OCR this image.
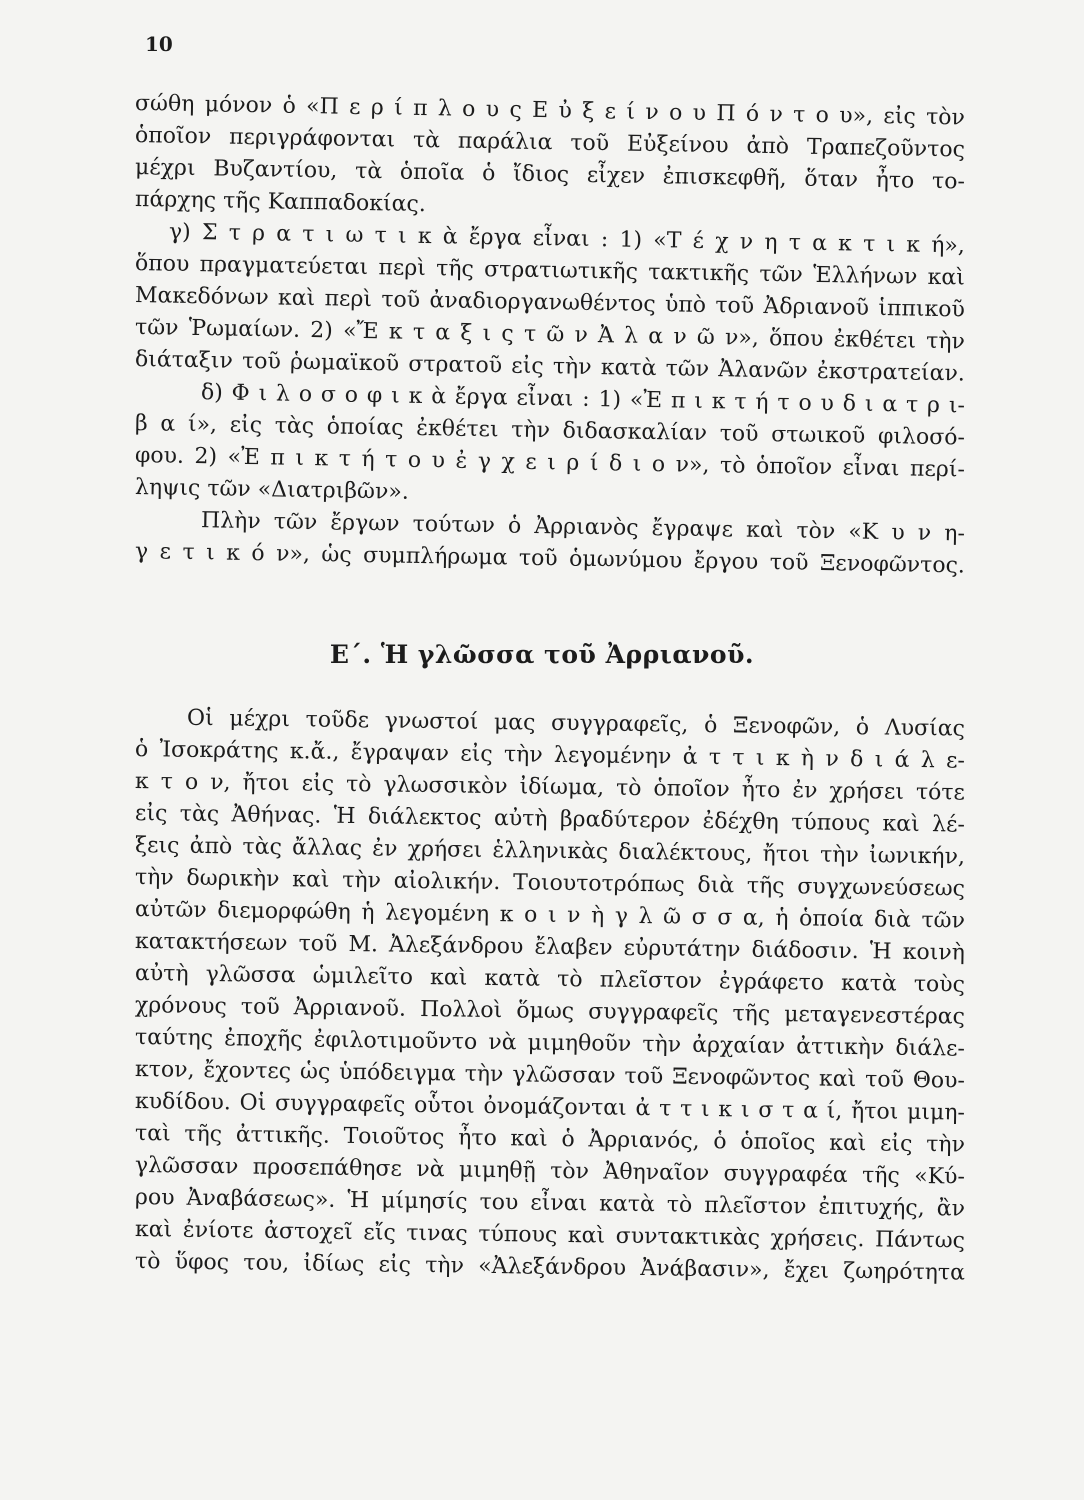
10
σώθη μόνον ὁ «Π ε ρ ί π λ ο υ ς Ε ὐ ξ ε ί ν ο υ Π ό ν τ ο υ», εἰς τὸν
ὁποῖον περιγράφονται τὰ παράλια τοῦ Εὐξείνου ἀπὸ Τραπεζοῦντος
μέχρι Βυζαντίου, τὰ ὁποῖα ὁ ἴδιος εἶχεν ἐπισκεφθῆ, ὅταν ἦτο το-
πάρχης τῆς Καππαδοκίας.
γ) Σ τ ρ α τ ι ω τ ι κ ὰ ἔργα εἶναι : 1) «Τ έ χ ν η τ α κ τ ι κ ή»,
ὅπου πραγματεύεται περὶ τῆς στρατιωτικῆς τακτικῆς τῶν Ἑλλήνων καὶ
Μακεδόνων καὶ περὶ τοῦ ἀναδιοργανωθέντος ὑπὸ τοῦ Ἀδριανοῦ ἱππικοῦ
τῶν Ῥωμαίων. 2) «Ἔ κ τ α ξ ι ς τ ῶ ν Ἀ λ α ν ῶ ν», ὅπου ἐκθέτει τὴν
διάταξιν τοῦ ῥωμαϊκοῦ στρατοῦ εἰς τὴν κατὰ τῶν Ἀλανῶν ἐκστρατείαν.
δ) Φ ι λ ο σ ο φ ι κ ὰ ἔργα εἶναι : 1) «Ἐ π ι κ τ ή τ ο υ δ ι α τ ρ ι-
β α ί», εἰς τὰς ὁποίας ἐκθέτει τὴν διδασκαλίαν τοῦ στωικοῦ φιλοσό-
φου. 2) «Ἐ π ι κ τ ή τ ο υ ἐ γ χ ε ι ρ ί δ ι ο ν», τὸ ὁποῖον εἶναι περί-
ληψις τῶν «Διατριβῶν».
Πλὴν τῶν ἔργων τούτων ὁ Ἀρριανὸς ἔγραψε καὶ τὸν «Κ υ ν η-
γ ε τ ι κ ό ν», ὡς συμπλήρωμα τοῦ ὁμωνύμου ἔργου τοῦ Ξενοφῶντος.
Ε΄. Ἡ γλῶσσα τοῦ Ἀρριανοῦ.
Οἱ μέχρι τοῦδε γνωστοί μας συγγραφεῖς, ὁ Ξενοφῶν, ὁ Λυσίας
ὁ Ἰσοκράτης κ.ἄ., ἔγραψαν εἰς τὴν λεγομένην ἀ τ τ ι κ ὴ ν δ ι ά λ ε-
κ τ ο ν, ἤτοι εἰς τὸ γλωσσικὸν ἰδίωμα, τὸ ὁποῖον ἦτο ἐν χρήσει τότε
εἰς τὰς Ἀθήνας. Ἡ διάλεκτος αὐτὴ βραδύτερον ἐδέχθη τύπους καὶ λέ-
ξεις ἀπὸ τὰς ἄλλας ἐν χρήσει ἑλληνικὰς διαλέκτους, ἤτοι τὴν ἰωνικήν,
τὴν δωρικὴν καὶ τὴν αἰολικήν. Τοιουτοτρόπως διὰ τῆς συγχωνεύσεως
αὐτῶν διεμορφώθη ἡ λεγομένη κ ο ι ν ὴ γ λ ῶ σ σ α, ἡ ὁποία διὰ τῶν
κατακτήσεων τοῦ Μ. Ἀλεξάνδρου ἔλαβεν εὐρυτάτην διάδοσιν. Ἡ κοινὴ
αὐτὴ γλῶσσα ὡμιλεῖτο καὶ κατὰ τὸ πλεῖστον ἐγράφετο κατὰ τοὺς
χρόνους τοῦ Ἀρριανοῦ. Πολλοὶ ὅμως συγγραφεῖς τῆς μεταγενεστέρας
ταύτης ἐποχῆς ἐφιλοτιμοῦντο νὰ μιμηθοῦν τὴν ἀρχαίαν ἀττικὴν διάλε-
κτον, ἔχοντες ὡς ὑπόδειγμα τὴν γλῶσσαν τοῦ Ξενοφῶντος καὶ τοῦ Θου-
κυδίδου. Οἱ συγγραφεῖς οὗτοι ὀνομάζονται ἀ τ τ ι κ ι σ τ α ί, ἤτοι μιμη-
ταὶ τῆς ἀττικῆς. Τοιοῦτος ἦτο καὶ ὁ Ἀρριανός, ὁ ὁποῖος καὶ εἰς τὴν
γλῶσσαν προσεπάθησε νὰ μιμηθῇ τὸν Ἀθηναῖον συγγραφέα τῆς «Κύ-
ρου Ἀναβάσεως». Ἡ μίμησίς του εἶναι κατὰ τὸ πλεῖστον ἐπιτυχής, ἂν
καὶ ἐνίοτε ἀστοχεῖ εἴς τινας τύπους καὶ συντακτικὰς χρήσεις. Πάντως
τὸ ὕφος του, ἰδίως εἰς τὴν «Ἀλεξάνδρου Ἀνάβασιν», ἔχει ζωηρότητα
